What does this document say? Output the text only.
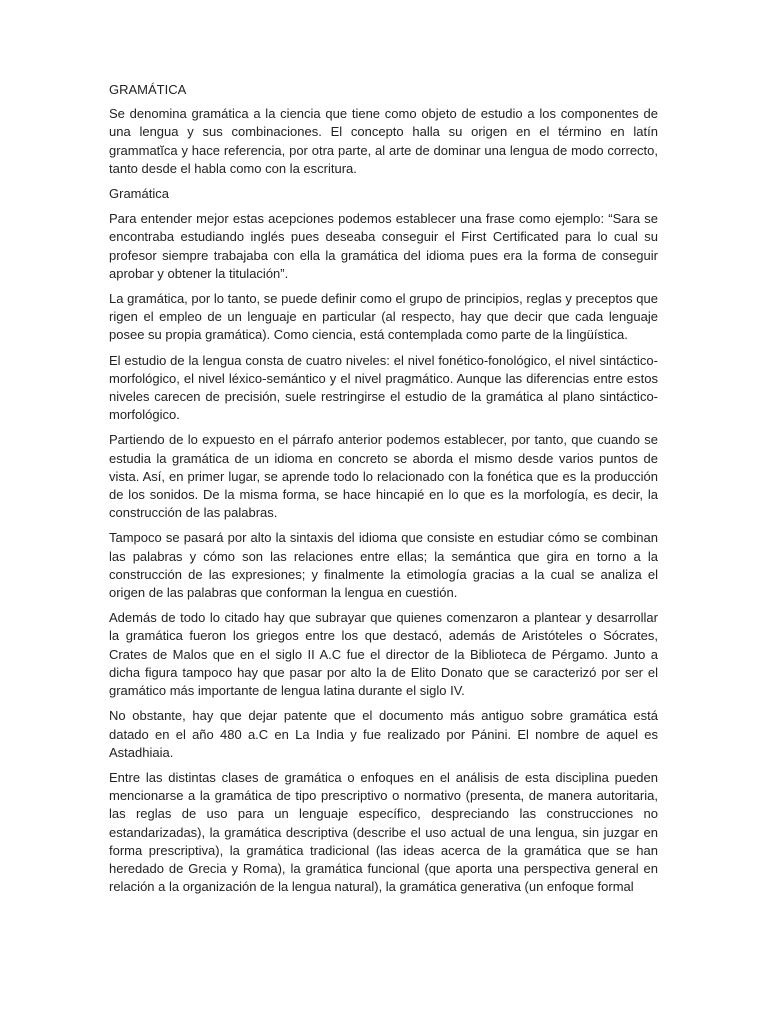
GRAMÁTICA

Se denomina gramática a la ciencia que tiene como objeto de estudio a los componentes de una lengua y sus combinaciones. El concepto halla su origen en el término en latín grammatĭca y hace referencia, por otra parte, al arte de dominar una lengua de modo correcto, tanto desde el habla como con la escritura.

Gramática

Para entender mejor estas acepciones podemos establecer una frase como ejemplo: “Sara se encontraba estudiando inglés pues deseaba conseguir el First Certificated para lo cual su profesor siempre trabajaba con ella la gramática del idioma pues era la forma de conseguir aprobar y obtener la titulación”.

La gramática, por lo tanto, se puede definir como el grupo de principios, reglas y preceptos que rigen el empleo de un lenguaje en particular (al respecto, hay que decir que cada lenguaje posee su propia gramática). Como ciencia, está contemplada como parte de la lingüística.

El estudio de la lengua consta de cuatro niveles: el nivel fonético-fonológico, el nivel sintáctico-morfológico, el nivel léxico-semántico y el nivel pragmático. Aunque las diferencias entre estos niveles carecen de precisión, suele restringirse el estudio de la gramática al plano sintáctico-morfológico.

Partiendo de lo expuesto en el párrafo anterior podemos establecer, por tanto, que cuando se estudia la gramática de un idioma en concreto se aborda el mismo desde varios puntos de vista. Así, en primer lugar, se aprende todo lo relacionado con la fonética que es la producción de los sonidos. De la misma forma, se hace hincapié en lo que es la morfología, es decir, la construcción de las palabras.

Tampoco se pasará por alto la sintaxis del idioma que consiste en estudiar cómo se combinan las palabras y cómo son las relaciones entre ellas; la semántica que gira en torno a la construcción de las expresiones; y finalmente la etimología gracias a la cual se analiza el origen de las palabras que conforman la lengua en cuestión.

Además de todo lo citado hay que subrayar que quienes comenzaron a plantear y desarrollar la gramática fueron los griegos entre los que destacó, además de Aristóteles o Sócrates, Crates de Malos que en el siglo II A.C fue el director de la Biblioteca de Pérgamo. Junto a dicha figura tampoco hay que pasar por alto la de Elito Donato que se caracterizó por ser el gramático más importante de lengua latina durante el siglo IV.

No obstante, hay que dejar patente que el documento más antiguo sobre gramática está datado en el año 480 a.C en La India y fue realizado por Pánini. El nombre de aquel es Astadhiaia.

Entre las distintas clases de gramática o enfoques en el análisis de esta disciplina pueden mencionarse a la gramática de tipo prescriptivo o normativo (presenta, de manera autoritaria, las reglas de uso para un lenguaje específico, despreciando las construcciones no estandarizadas), la gramática descriptiva (describe el uso actual de una lengua, sin juzgar en forma prescriptiva), la gramática tradicional (las ideas acerca de la gramática que se han heredado de Grecia y Roma), la gramática funcional (que aporta una perspectiva general en relación a la organización de la lengua natural), la gramática generativa (un enfoque formal
